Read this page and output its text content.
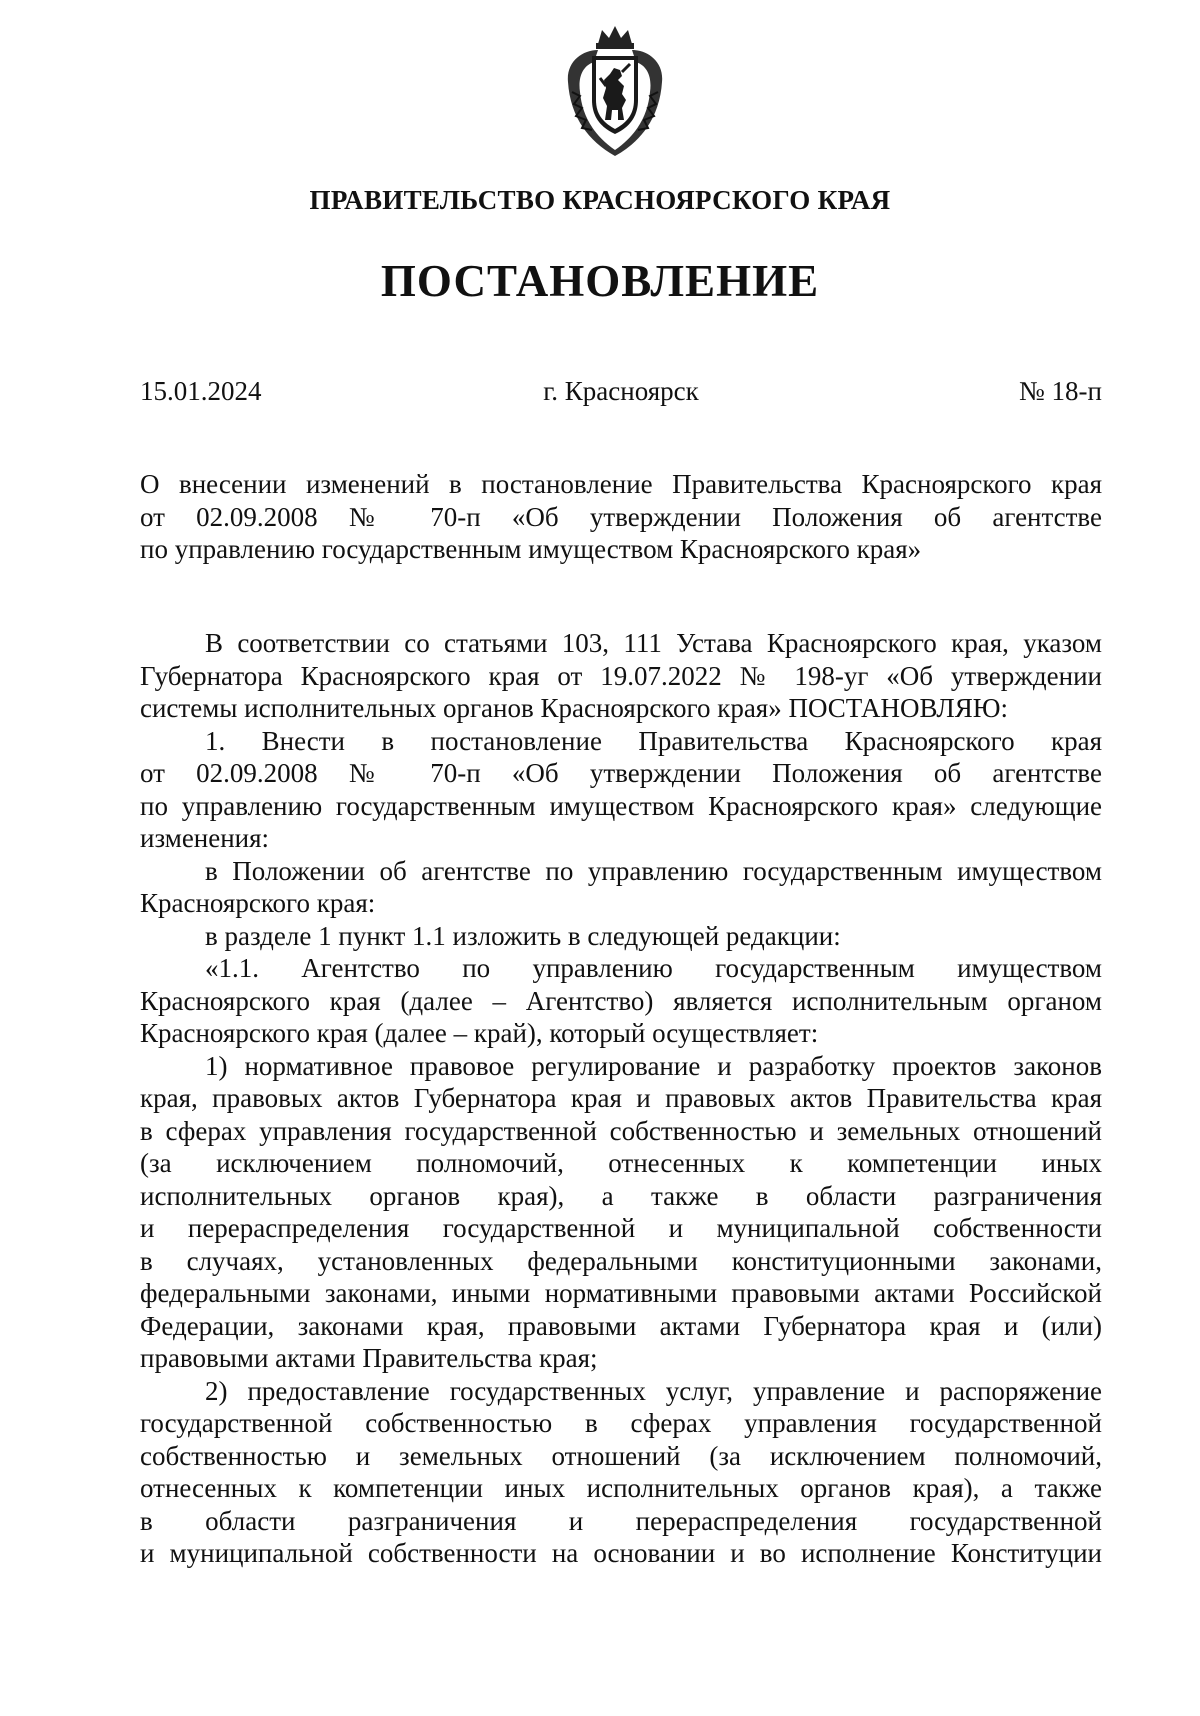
ПРАВИТЕЛЬСТВО КРАСНОЯРСКОГО КРАЯ
ПОСТАНОВЛЕНИЕ
г. Красноярск
15.01.2024	№ 18-п
О внесении изменений в постановление Правительства Красноярского края
от 02.09.2008 № 70-п «Об утверждении Положения об агентстве
по управлению государственным имуществом Красноярского края»
В соответствии со статьями 103, 111 Устава Красноярского края, указом
Губернатора Красноярского края от 19.07.2022 № 198-уг «Об утверждении
системы исполнительных органов Красноярского края» ПОСТАНОВЛЯЮ:
1. Внести в постановление Правительства Красноярского края
от 02.09.2008 № 70-п «Об утверждении Положения об агентстве
по управлению государственным имуществом Красноярского края» следующие
изменения:
в Положении об агентстве по управлению государственным имуществом
Красноярского края:
в разделе 1 пункт 1.1 изложить в следующей редакции:
«1.1. Агентство по управлению государственным имуществом
Красноярского края (далее – Агентство) является исполнительным органом
Красноярского края (далее – край), который осуществляет:
1) нормативное правовое регулирование и разработку проектов законов
края, правовых актов Губернатора края и правовых актов Правительства края
в сферах управления государственной собственностью и земельных отношений
(за исключением полномочий, отнесенных к компетенции иных
исполнительных органов края), а также в области разграничения
и перераспределения государственной и муниципальной собственности
в случаях, установленных федеральными конституционными законами,
федеральными законами, иными нормативными правовыми актами Российской
Федерации, законами края, правовыми актами Губернатора края и (или)
правовыми актами Правительства края;
2) предоставление государственных услуг, управление и распоряжение
государственной собственностью в сферах управления государственной
собственностью и земельных отношений (за исключением полномочий,
отнесенных к компетенции иных исполнительных органов края), а также
в области разграничения и перераспределения государственной
и муниципальной собственности на основании и во исполнение Конституции
